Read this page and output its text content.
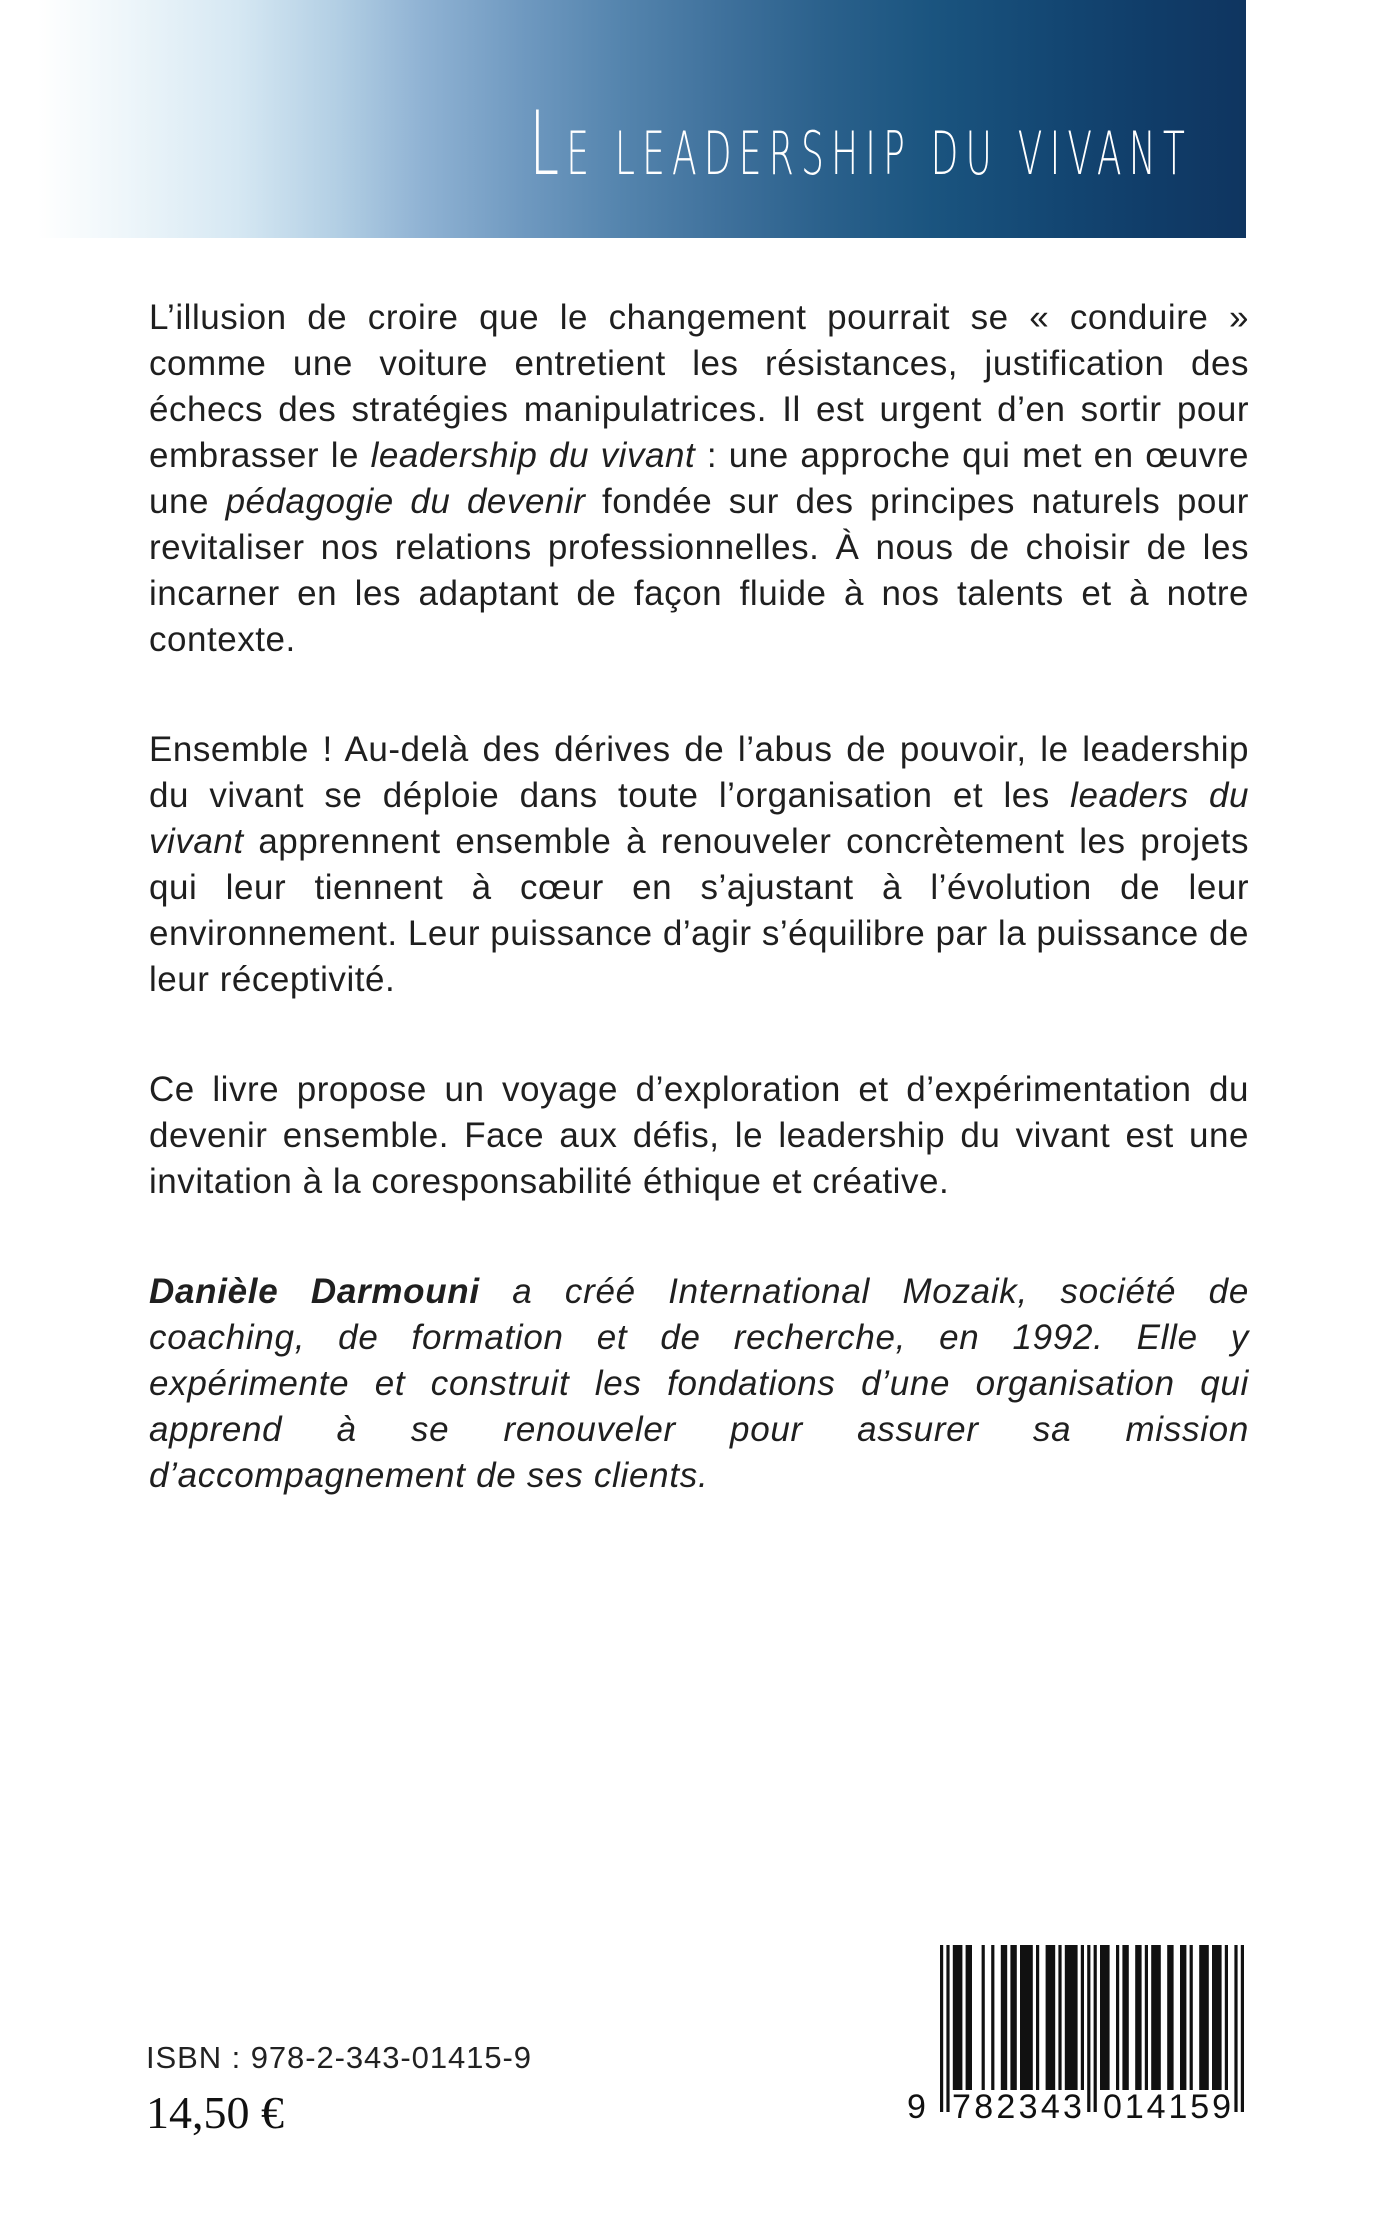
LE LEADERSHIP DU VIVANT

L’illusion de croire que le changement pourrait se « conduire » comme une voiture entretient les résistances, justification des échecs des stratégies manipulatrices. Il est urgent d’en sortir pour embrasser le leadership du vivant : une approche qui met en œuvre une pédagogie du devenir fondée sur des principes naturels pour revitaliser nos relations professionnelles. À nous de choisir de les incarner en les adaptant de façon fluide à nos talents et à notre contexte.

Ensemble ! Au-delà des dérives de l’abus de pouvoir, le leadership du vivant se déploie dans toute l’organisation et les leaders du vivant apprennent ensemble à renouveler concrètement les projets qui leur tiennent à cœur en s’ajustant à l’évolution de leur environnement. Leur puissance d’agir s’équilibre par la puissance de leur réceptivité.

Ce livre propose un voyage d’exploration et d’expérimentation du devenir ensemble. Face aux défis, le leadership du vivant est une invitation à la coresponsabilité éthique et créative.

Danièle Darmouni a créé International Mozaik, société de coaching, de formation et de recherche, en 1992. Elle y expérimente et construit les fondations d’une organisation qui apprend à se renouveler pour assurer sa mission d’accompagnement de ses clients.

ISBN : 978-2-343-01415-9
14,50 €	9 7 8 2 3 4 3 0 1 4 1 5 9
